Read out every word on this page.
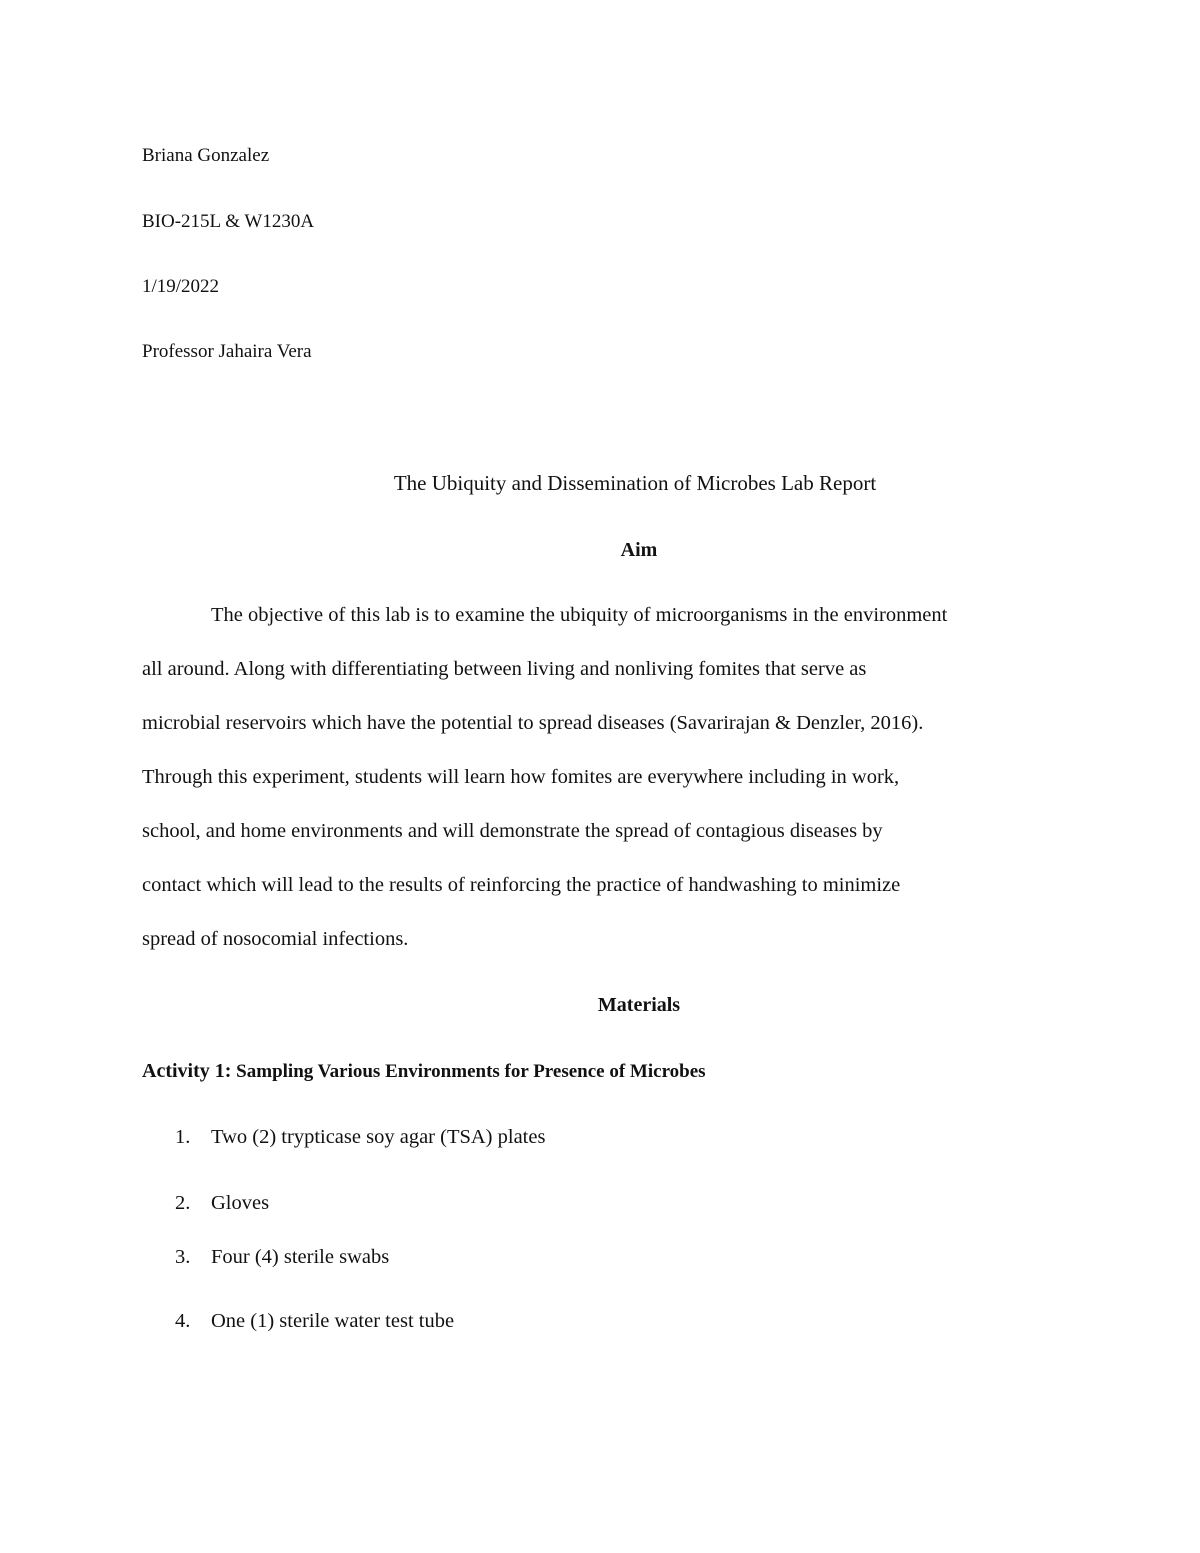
Briana Gonzalez
BIO-215L & W1230A
1/19/2022
Professor Jahaira Vera
The Ubiquity and Dissemination of Microbes Lab Report
Aim
The objective of this lab is to examine the ubiquity of microorganisms in the environment
all around. Along with differentiating between living and nonliving fomites that serve as
microbial reservoirs which have the potential to spread diseases (Savarirajan & Denzler, 2016).
Through this experiment, students will learn how fomites are everywhere including in work,
school, and home environments and will demonstrate the spread of contagious diseases by
contact which will lead to the results of reinforcing the practice of handwashing to minimize
spread of nosocomial infections.
Materials
Activity 1: Sampling Various Environments for Presence of Microbes
1. Two (2) trypticase soy agar (TSA) plates
2. Gloves
3. Four (4) sterile swabs
4. One (1) sterile water test tube
